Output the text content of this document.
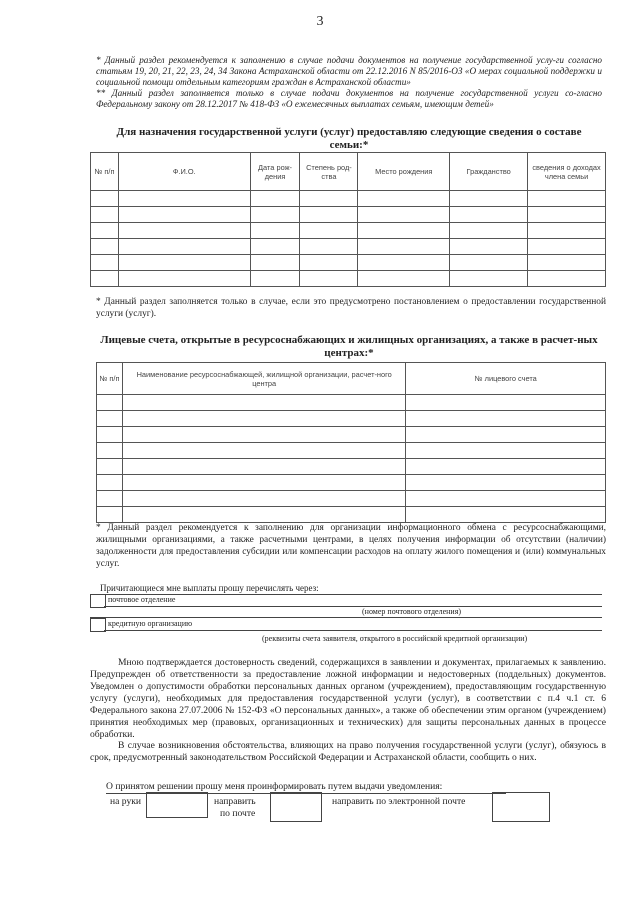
3
* Данный раздел рекомендуется к заполнению в случае подачи документов на получение государственной услу-ги согласно статьям 19, 20, 21, 22, 23, 24, 34 Закона Астраханской области от 22.12.2016 N 85/2016-ОЗ «О мерах социальной поддержки и социальной помощи отдельным категориям граждан в Астраханской области»
** Данный раздел заполняется только в случае подачи документов на получение государственной услуги со-гласно Федеральному закону от 28.12.2017 № 418-ФЗ «О ежемесячных выплатах семьям, имеющим детей»
Для назначения государственной услуги (услуг) предоставляю следующие сведения о составе семьи:*
№ п/п	Ф.И.О.	Дата рож-дения	Степень род-ства	Место рождения	Гражданство	сведения о доходах члена семьи

* Данный раздел заполняется только в случае, если это предусмотрено постановлением о предоставлении государственной услуги (услуг).
Лицевые счета, открытые в ресурсоснабжающих и жилищных организациях, а также в расчет-ных центрах:*
№ п/п	Наименование ресурсоснабжающей, жилищной организации, расчет-ного центра	№ лицевого счета

* Данный раздел рекомендуется к заполнению для организации информационного обмена с ресурсоснабжающими, жилищными организациями, а также расчетными центрами, в целях получения информации об отсутствии (наличии) задолженности для предоставления субсидии или компенсации расходов на оплату жилого помещения и (или) коммунальных услуг.
Причитающиеся мне выплаты прошу перечислять через:
почтовое отделение
(номер почтового отделения)
кредитную организацию
(реквизиты счета заявителя, открытого в российской кредитной организации)
Мною подтверждается достоверность сведений, содержащихся в заявлении и документах, прилагаемых к заявлению. Предупрежден об ответственности за предоставление ложной информации и недостоверных (поддельных) документов. Уведомлен о допустимости обработки персональных данных органом (учреждением), предоставляющим государственную услугу (услуги), необходимых для предоставления государственной услуги (услуг), в соответствии с п.4 ч.1 ст. 6 Федерального закона 27.07.2006 № 152-ФЗ «О персональных данных», а также об обеспечении этим органом (учреждением) принятия необходимых мер (правовых, организационных и технических) для защиты персональных данных в процессе обработки.
В случае возникновения обстоятельства, влияющих на право получения государственной услуги (услуг), обязуюсь в срок, предусмотренный законодательством Российской Федерации и Астраханской области, сообщить о них.
О принятом решении прошу меня проинформировать путем выдачи уведомления:
на руки	направить
по почте
направить по электронной почте
